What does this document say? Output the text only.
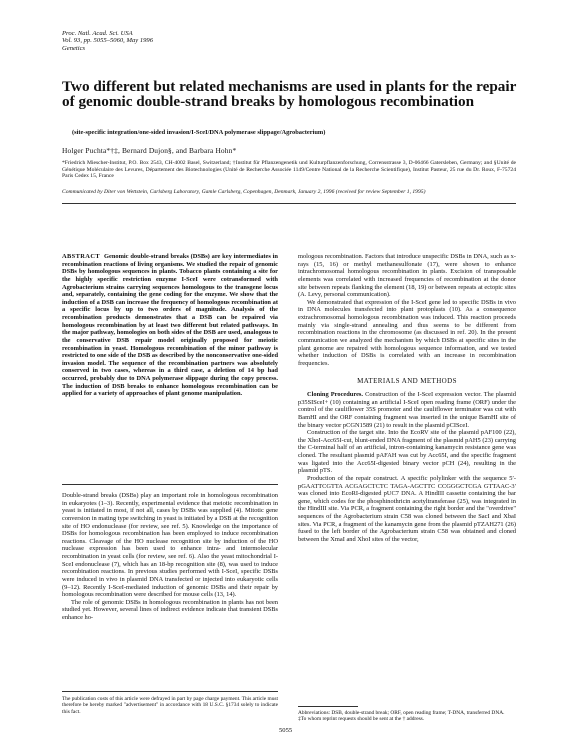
Proc. Natl. Acad. Sci. USA
Vol. 93, pp. 5055–5060, May 1996
Genetics
Two different but related mechanisms are used in plants for the repair of genomic double-strand breaks by homologous recombination
(site-specific integration/one-sided invasion/I-SceI/DNA polymerase slippage/Agrobacterium)
Holger Puchta*†‡, Bernard Dujon§, and Barbara Hohn*
*Friedrich Miescher-Institut, P.O. Box 2543, CH-4002 Basel, Switzerland; †Institut für Pflanzengenetik und Kulturpflanzenforschung, Corrensstrasse 3, D-06466 Gatersleben, Germany; and §Unité de Génétique Moléculaire des Levures, Département des Biotechnologies (Unité de Recherche Associée 1149/Centre National de la Recherche Scientifique), Institut Pasteur, 25 rue du Dr. Roux, F-75724 Paris Cedex 15, France
Communicated by Diter von Wettstein, Carlsberg Laboratory, Gamle Carlsberg, Copenhagen, Denmark, January 2, 1996 (received for review September 1, 1995)
ABSTRACT Genomic double-strand breaks (DSBs) are key intermediates in recombination reactions of living organisms. We studied the repair of genomic DSBs by homologous sequences in plants. Tobacco plants containing a site for the highly specific restriction enzyme I-SceI were cotransformed with Agrobacterium strains carrying sequences homologous to the transgene locus and, separately, containing the gene coding for the enzyme. We show that the induction of a DSB can increase the frequency of homologous recombination at a specific locus by up to two orders of magnitude. Analysis of the recombination products demonstrates that a DSB can be repaired via homologous recombination by at least two different but related pathways. In the major pathway, homologies on both sides of the DSB are used, analogous to the conservative DSB repair model originally proposed for meiotic recombination in yeast. Homologous recombination of the minor pathway is restricted to one side of the DSB as described by the nonconservative one-sided invasion model. The sequence of the recombination partners was absolutely conserved in two cases, whereas in a third case, a deletion of 14 bp had occurred, probably due to DNA polymerase slippage during the copy process. The induction of DSB breaks to enhance homologous recombination can be applied for a variety of approaches of plant genome manipulation.

Double-strand breaks (DSBs) play an important role in homologous recombination in eukaryotes (1–3). Recently, experimental evidence that meiotic recombination in yeast is initiated in most, if not all, cases by DSBs was supplied (4). Mitotic gene conversion in mating type switching in yeast is initiated by a DSB at the recognition site of HO endonuclease (for review, see ref. 5). Knowledge on the importance of DSBs for homologous recombination has been employed to induce recombination reactions. Cleavage of the HO nuclease recognition site by induction of the HO nuclease expression has been used to enhance intra- and intermolecular recombination in yeast cells (for review, see ref. 6). Also the yeast mitochondrial I-SceI endonuclease (7), which has an 18-bp recognition site (8), was used to induce recombination reactions. In previous studies performed with I-SceI, specific DSBs were induced in vivo in plasmid DNA transfected or injected into eukaryotic cells (9–12). Recently I-SceI-mediated induction of genomic DSBs and their repair by homologous recombination were described for mouse cells (13, 14).

The role of genomic DSBs in homologous recombination in plants has not been studied yet. However, several lines of indirect evidence indicate that transient DSBs enhance ho-

mologous recombination. Factors that introduce unspecific DSBs in DNA, such as x-rays (15, 16) or methyl methanesulfonate (17), were shown to enhance intrachromosomal homologous recombination in plants. Excision of transposable elements was correlated with increased frequencies of recombination at the donor site between repeats flanking the element (18, 19) or between repeats at ectopic sites (A. Levy, personal communication).

We demonstrated that expression of the I-SceI gene led to specific DSBs in vivo in DNA molecules transfected into plant protoplasts (10). As a consequence extrachromosomal homologous recombination was induced. This reaction proceeds mainly via single-strand annealing and thus seems to be different from recombination reactions in the chromosome (as discussed in ref. 20). In the present communication we analyzed the mechanism by which DSBs at specific sites in the plant genome are repaired with homologous sequence information, and we tested whether induction of DSBs is correlated with an increase in recombination frequencies.

MATERIALS AND METHODS

Cloning Procedures. Construction of the I-SceI expression vector. The plasmid p35SISceI+ (10) containing an artificial I-SceI open reading frame (ORF) under the control of the cauliflower 35S promoter and the cauliflower terminator was cut with BamHI and the ORF containing fragment was inserted in the unique BamHI site of the binary vector pCGN1589 (21) to result in the plasmid pCISceI.

Construction of the target site. Into the EcoRV site of the plasmid pAF100 (22), the XhoI-Acc65I-cut, blunt-ended DNA fragment of the plasmid pAH5 (23) carrying the C-terminal half of an artificial, intron-containing kanamycin resistance gene was cloned. The resultant plasmid pAFAH was cut by Acc65I, and the specific fragment was ligated into the Acc65I-digested binary vector pCH (24), resulting in the plasmid pTS.

Production of the repair construct. A specific polylinker with the sequence 5′-pGAATTCGTTA ACGAGCTCTC TAGA-AGCTTC CCGGGCTCGA GTTAAC-3′ was cloned into EcoRI-digested pUC7 DNA. A HindIII cassette containing the bar gene, which codes for the phosphinothricin acetyltransferase (25), was integrated in the HindIII site. Via PCR, a fragment containing the right border and the "overdrive" sequences of the Agrobacterium strain C58 was cloned between the SacI and XbaI sites. Via PCR, a fragment of the kanamycin gene from the plasmid pTZAH271 (26) fused to the left border of the Agrobacterium strain C58 was obtained and cloned between the XmaI and XhoI sites of the vector,

The publication costs of this article were defrayed in part by page charge payment. This article must therefore be hereby marked "advertisement" in accordance with 18 U.S.C. §1734 solely to indicate this fact.	Abbreviations: DSB, double-strand break; ORF, open reading frame; T-DNA, transferred DNA.
‡To whom reprint requests should be sent at the † address.
5055
